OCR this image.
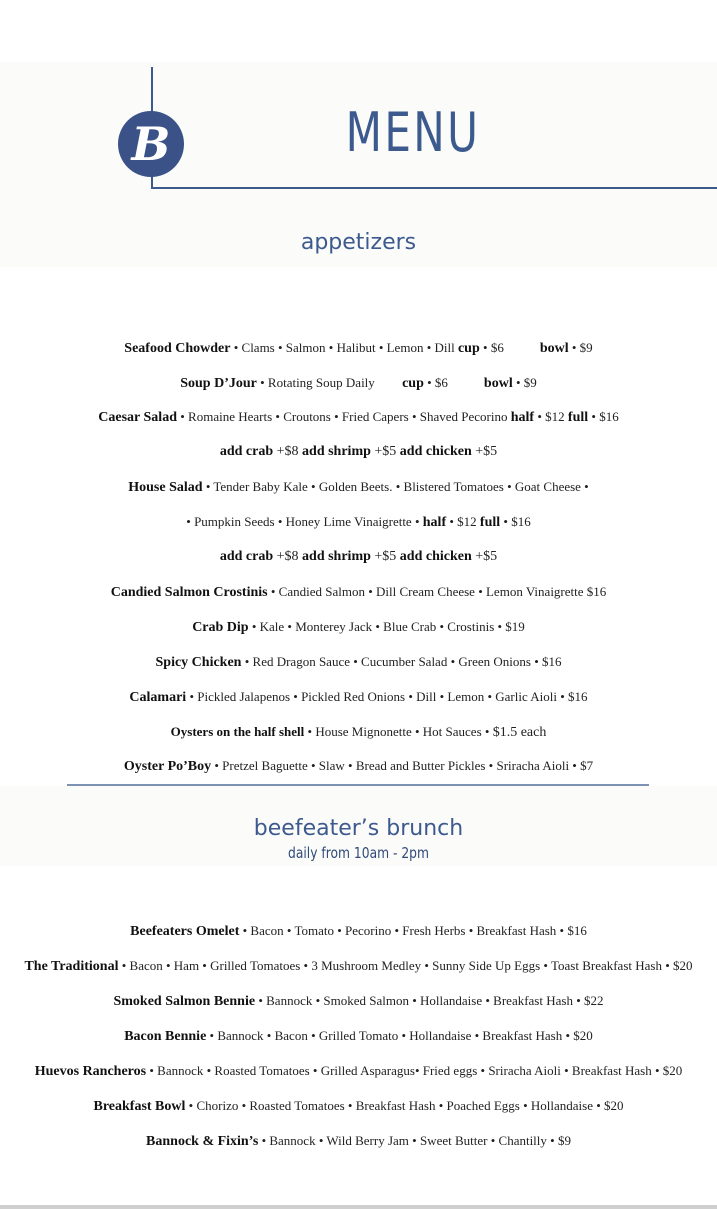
B	MENU
appetizers
Seafood Chowder • Clams • Salmon • Halibut • Lemon • Dill cup • $6	bowl • $9
Soup D’Jour • Rotating Soup Daily cup • $6	bowl • $9
Caesar Salad • Romaine Hearts • Croutons • Fried Capers • Shaved Pecorino half • $12 full • $16
add crab +$8 add shrimp +$5 add chicken +$5
House Salad • Tender Baby Kale • Golden Beets. • Blistered Tomatoes • Goat Cheese •
• Pumpkin Seeds • Honey Lime Vinaigrette • half • $12 full • $16
add crab +$8 add shrimp +$5 add chicken +$5
Candied Salmon Crostinis • Candied Salmon • Dill Cream Cheese • Lemon Vinaigrette $16
Crab Dip • Kale • Monterey Jack • Blue Crab • Crostinis • $19
Spicy Chicken • Red Dragon Sauce • Cucumber Salad • Green Onions • $16
Calamari • Pickled Jalapenos • Pickled Red Onions • Dill • Lemon • Garlic Aioli • $16
Oysters on the half shell • House Mignonette • Hot Sauces • $1.5 each
Oyster Po’Boy • Pretzel Baguette • Slaw • Bread and Butter Pickles • Sriracha Aioli • $7
beefeater’s brunch
daily from 10am - 2pm
Beefeaters Omelet • Bacon • Tomato • Pecorino • Fresh Herbs • Breakfast Hash • $16
The Traditional • Bacon • Ham • Grilled Tomatoes • 3 Mushroom Medley • Sunny Side Up Eggs • Toast Breakfast Hash • $20
Smoked Salmon Bennie • Bannock • Smoked Salmon • Hollandaise • Breakfast Hash • $22
Bacon Bennie • Bannock • Bacon • Grilled Tomato • Hollandaise • Breakfast Hash • $20
Huevos Rancheros • Bannock • Roasted Tomatoes • Grilled Asparagus• Fried eggs • Sriracha Aioli • Breakfast Hash • $20
Breakfast Bowl • Chorizo • Roasted Tomatoes • Breakfast Hash • Poached Eggs • Hollandaise • $20
Bannock & Fixin’s • Bannock • Wild Berry Jam • Sweet Butter • Chantilly • $9
